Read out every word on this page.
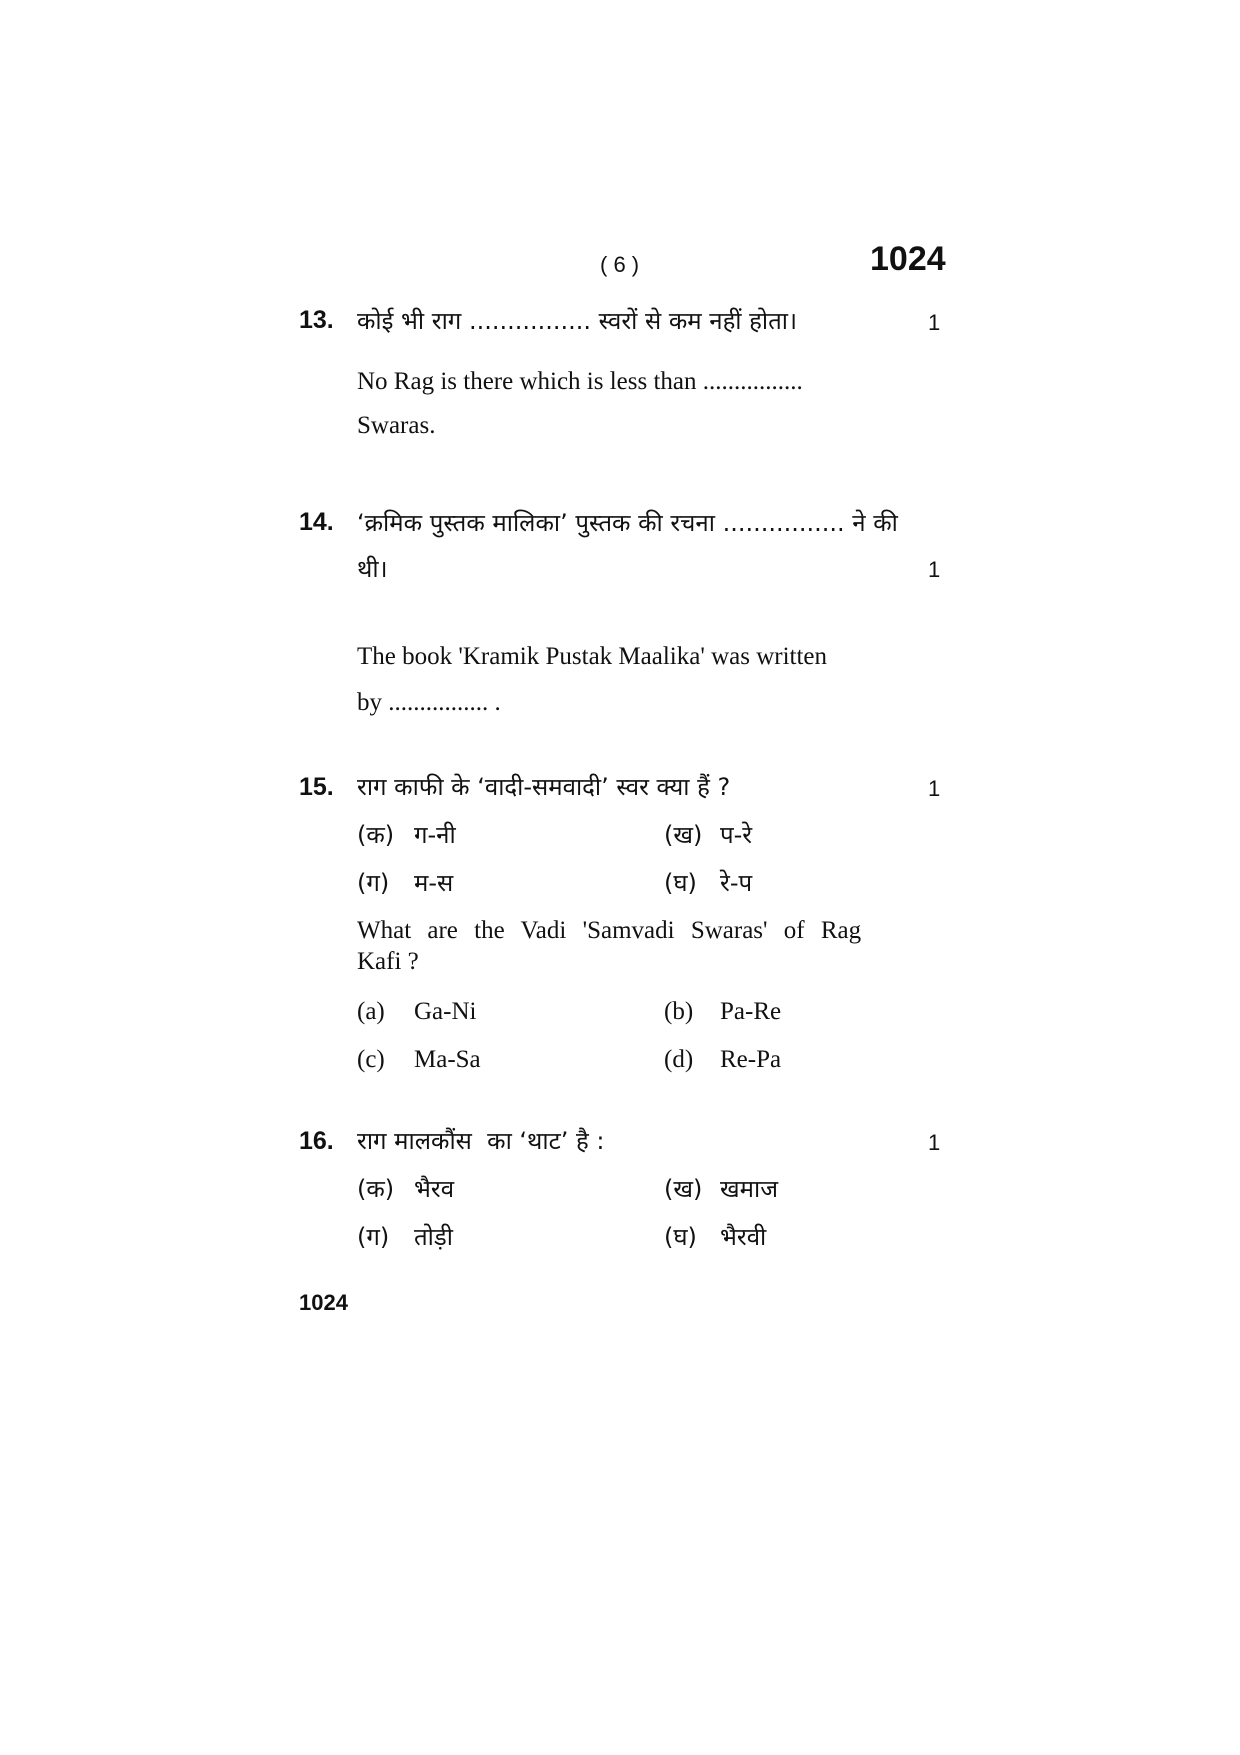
( 6 )	1024
13. कोई भी राग ................ स्वरों से कम नहीं होता।	1
No Rag is there which is less than ................
Swaras.
14. ‘क्रमिक पुस्तक मालिका’ पुस्तक की रचना ................ ने की
थी।	1
The book 'Kramik Pustak Maalika' was written
by ................ .
15. राग काफी के ‘वादी-समवादी’ स्वर क्या हैं ?	1
(क) ग-नी	(ख) प-रे
(ग) म-स	(घ) रे-प
What are the Vadi 'Samvadi Swaras' of Rag
Kafi ?
(a) Ga-Ni	(b) Pa-Re
(c) Ma-Sa	(d) Re-Pa
16. राग मालकौंस  का ‘थाट’ है :	1
(क) भैरव	(ख) खमाज
(ग) तोड़ी	(घ) भैरवी
1024
